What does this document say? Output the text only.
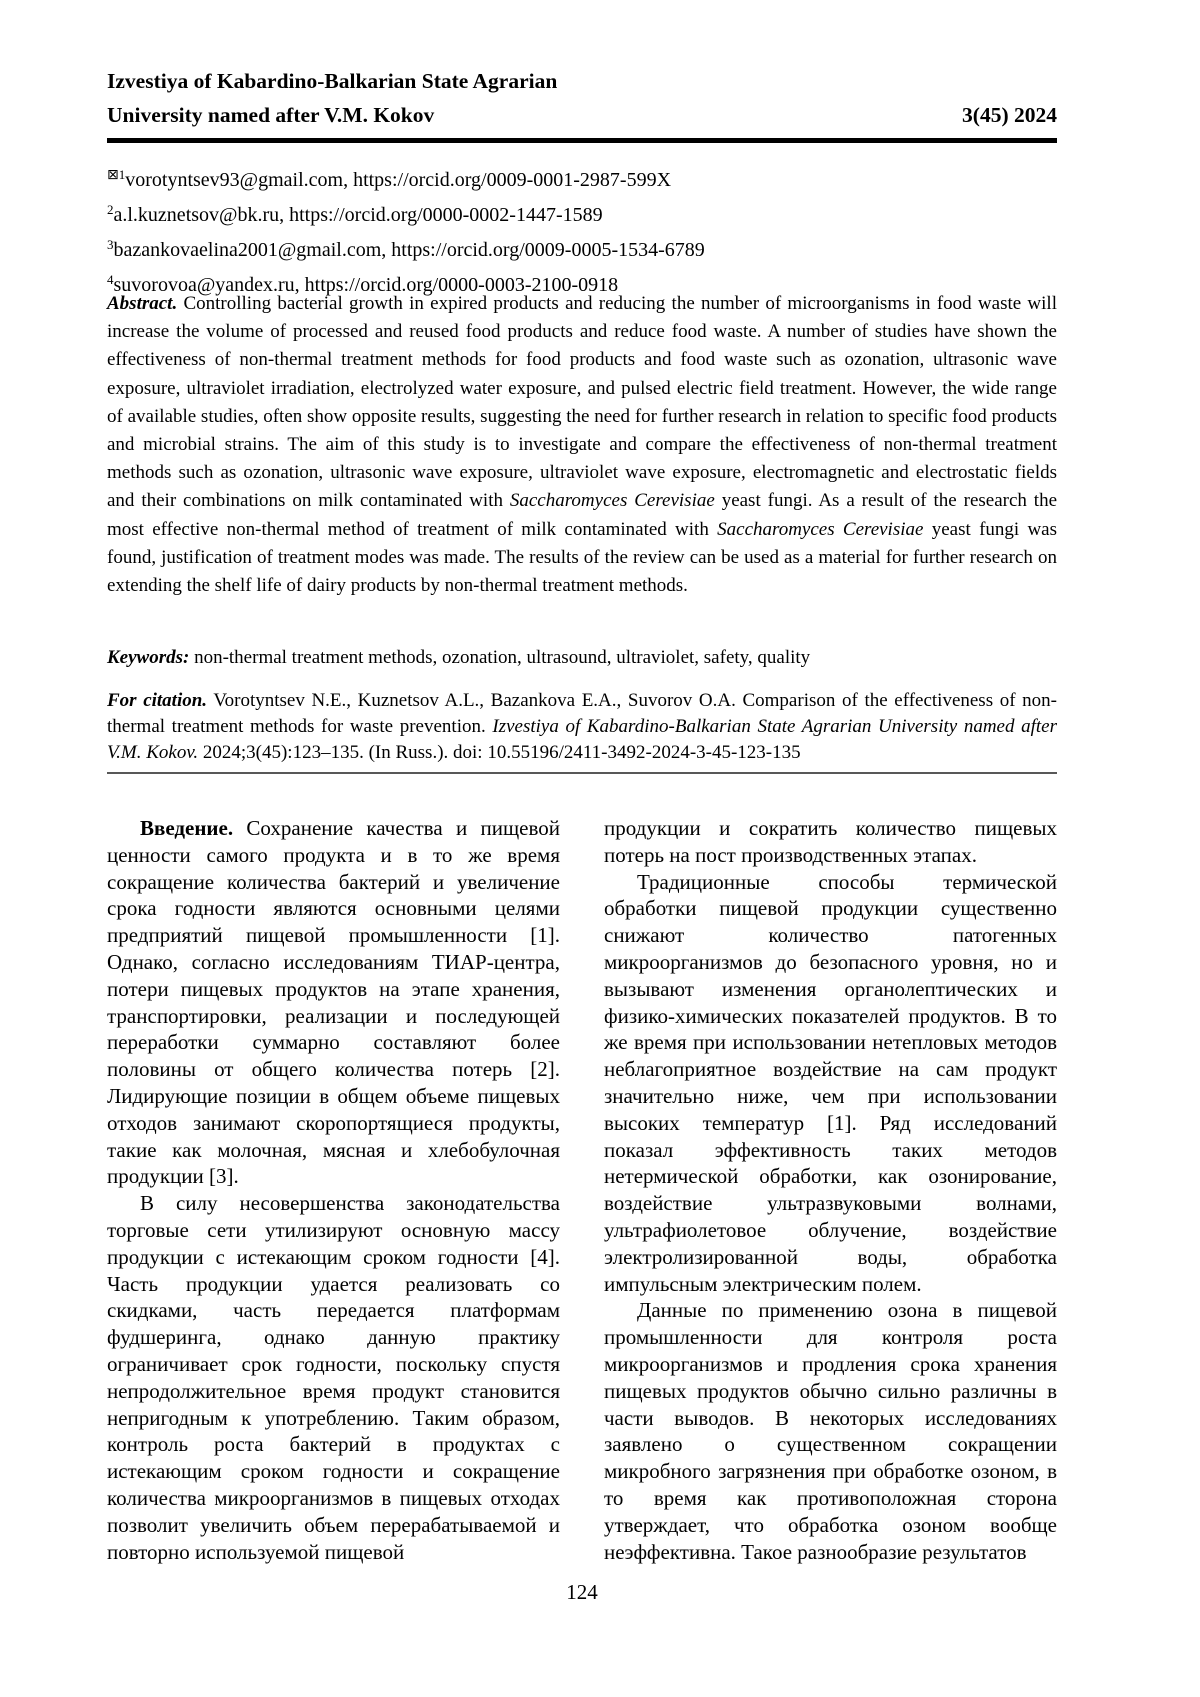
Izvestiya of Kabardino-Balkarian State Agrarian
University named after V.M. Kokov	3(45) 2024
$^{⊠1}$vorotyntsev93@gmail.com, https://orcid.org/0009-0001-2987-599X
$^2$a.l.kuznetsov@bk.ru, https://orcid.org/0000-0002-1447-1589
$^3$bazankovaelina2001@gmail.com, https://orcid.org/0009-0005-1534-6789
$^4$suvorovoa@yandex.ru, https://orcid.org/0000-0003-2100-0918
Abstract. Controlling bacterial growth in expired products and reducing the number of microorganisms in food waste will increase the volume of processed and reused food products and reduce food waste. A number of studies have shown the effectiveness of non-thermal treatment methods for food products and food waste such as ozonation, ultrasonic wave exposure, ultraviolet irradiation, electrolyzed water exposure, and pulsed electric field treatment. However, the wide range of available studies, often show opposite results, suggesting the need for further research in relation to specific food products and microbial strains. The aim of this study is to investigate and compare the effectiveness of non-thermal treatment methods such as ozonation, ultrasonic wave exposure, ultraviolet wave exposure, electromagnetic and electrostatic fields and their combinations on milk contaminated with Saccharomyces Cerevisiae yeast fungi. As a result of the research the most effective non-thermal method of treatment of milk contaminated with Saccharomyces Cerevisiae yeast fungi was found, justification of treatment modes was made. The results of the review can be used as a material for further research on extending the shelf life of dairy products by non-thermal treatment methods.
Keywords: non-thermal treatment methods, ozonation, ultrasound, ultraviolet, safety, quality
For citation. Vorotyntsev N.E., Kuznetsov A.L., Bazankova E.A., Suvorov O.A. Comparison of the effectiveness of non-thermal treatment methods for waste prevention. Izvestiya of Kabardino-Balkarian State Agrarian University named after V.M. Kokov. 2024;3(45):123–135. (In Russ.). doi: 10.55196/2411-3492-2024-3-45-123-135

Введение. Сохранение качества и пищевой ценности самого продукта и в то же время сокращение количества бактерий и увеличение срока годности являются основными целями предприятий пищевой промышленности [1]. Однако, согласно исследованиям ТИАР-центра, потери пищевых продуктов на этапе хранения, транспортировки, реализации и последующей переработки суммарно составляют более половины от общего количества потерь [2]. Лидирующие позиции в общем объеме пищевых отходов занимают скоропортящиеся продукты, такие как молочная, мясная и хлебобулочная продукции [3].

В силу несовершенства законодательства торговые сети утилизируют основную массу продукции с истекающим сроком годности [4]. Часть продукции удается реализовать со скидками, часть передается платформам фудшеринга, однако данную практику ограничивает срок годности, поскольку спустя непродолжительное время продукт становится непригодным к употреблению. Таким образом, контроль роста бактерий в продуктах с истекающим сроком годности и сокращение количества микроорганизмов в пищевых отходах позволит увеличить объем перерабатываемой и повторно используемой пищевой

продукции и сократить количество пищевых потерь на пост производственных этапах.

Традиционные способы термической обработки пищевой продукции существенно снижают количество патогенных микроорганизмов до безопасного уровня, но и вызывают изменения органолептических и физико-химических показателей продуктов. В то же время при использовании нетепловых методов неблагоприятное воздействие на сам продукт значительно ниже, чем при использовании высоких температур [1]. Ряд исследований показал эффективность таких методов нетермической обработки, как озонирование, воздействие ультразвуковыми волнами, ультрафиолетовое облучение, воздействие электролизированной воды, обработка импульсным электрическим полем.

Данные по применению озона в пищевой промышленности для контроля роста микроорганизмов и продления срока хранения пищевых продуктов обычно сильно различны в части выводов. В некоторых исследованиях заявлено о существенном сокращении микробного загрязнения при обработке озоном, в то время как противоположная сторона утверждает, что обработка озоном вообще неэффективна. Такое разнообразие результатов

124
